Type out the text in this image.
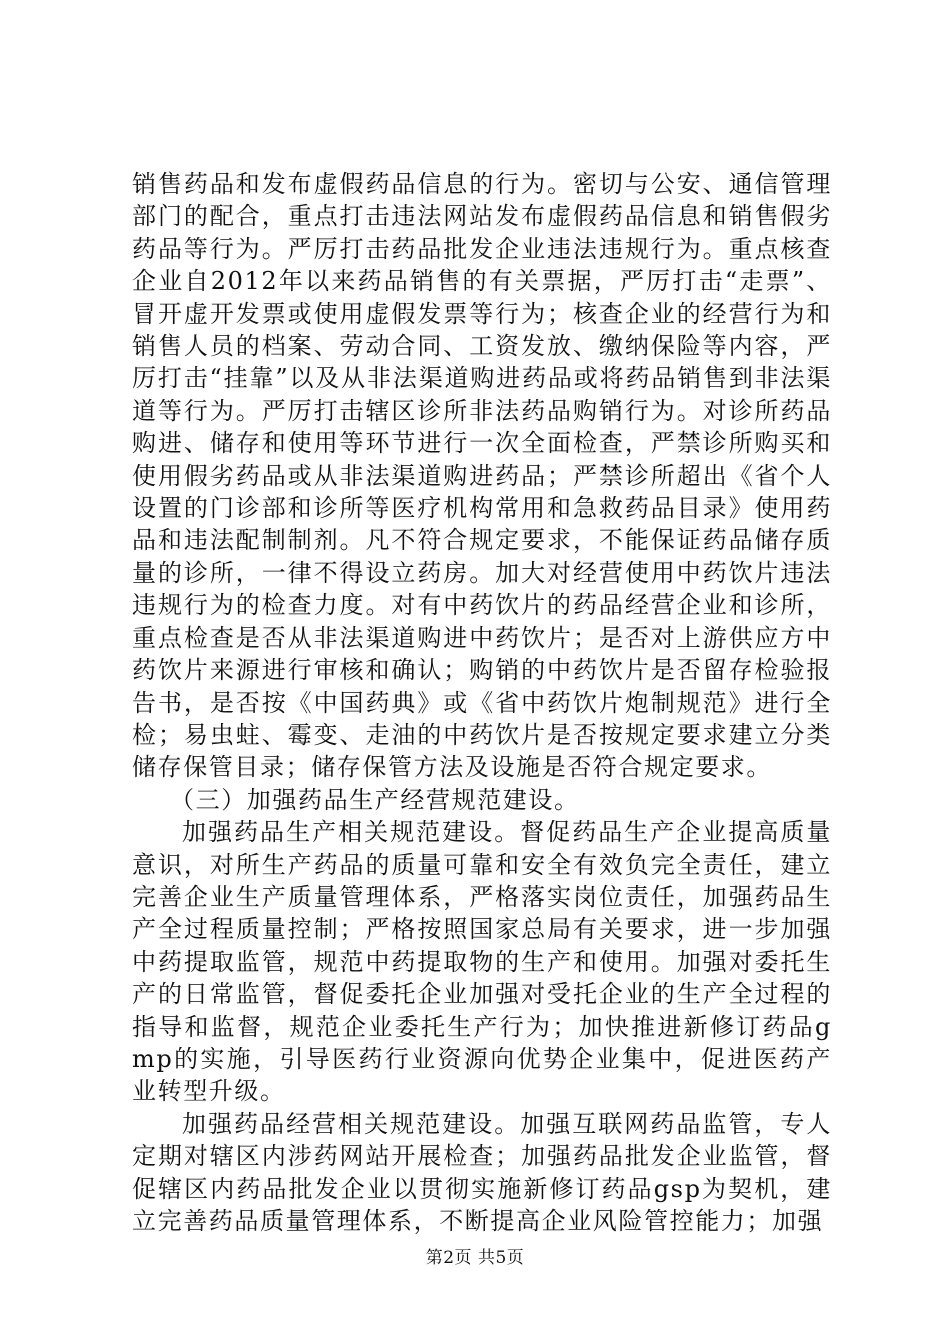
销售药品和发布虚假药品信息的行为。密切与公安、通信管理部门的配合，重点打击违法网站发布虚假药品信息和销售假劣药品等行为。严厉打击药品批发企业违法违规行为。重点核查企业自2012年以来药品销售的有关票据，严厉打击“走票”、冒开虚开发票或使用虚假发票等行为；核查企业的经营行为和销售人员的档案、劳动合同、工资发放、缴纳保险等内容，严厉打击“挂靠”以及从非法渠道购进药品或将药品销售到非法渠道等行为。严厉打击辖区诊所非法药品购销行为。对诊所药品购进、储存和使用等环节进行一次全面检查，严禁诊所购买和使用假劣药品或从非法渠道购进药品；严禁诊所超出《省个人设置的门诊部和诊所等医疗机构常用和急救药品目录》使用药品和违法配制制剂。凡不符合规定要求，不能保证药品储存质量的诊所，一律不得设立药房。加大对经营使用中药饮片违法违规行为的检查力度。对有中药饮片的药品经营企业和诊所，重点检查是否从非法渠道购进中药饮片；是否对上游供应方中药饮片来源进行审核和确认；购销的中药饮片是否留存检验报告书，是否按《中国药典》或《省中药饮片炮制规范》进行全检；易虫蛀、霉变、走油的中药饮片是否按规定要求建立分类储存保管目录；储存保管方法及设施是否符合规定要求。

（三）加强药品生产经营规范建设。

加强药品生产相关规范建设。督促药品生产企业提高质量意识，对所生产药品的质量可靠和安全有效负完全责任，建立完善企业生产质量管理体系，严格落实岗位责任，加强药品生产全过程质量控制；严格按照国家总局有关要求，进一步加强中药提取监管，规范中药提取物的生产和使用。加强对委托生产的日常监管，督促委托企业加强对受托企业的生产全过程的指导和监督，规范企业委托生产行为；加快推进新修订药品gmp的实施，引导医药行业资源向优势企业集中，促进医药产业转型升级。

加强药品经营相关规范建设。加强互联网药品监管，专人定期对辖区内涉药网站开展检查；加强药品批发企业监管，督促辖区内药品批发企业以贯彻实施新修订药品gsp为契机，建立完善药品质量管理体系，不断提高企业风险管控能力；加强

第2页 共5页
